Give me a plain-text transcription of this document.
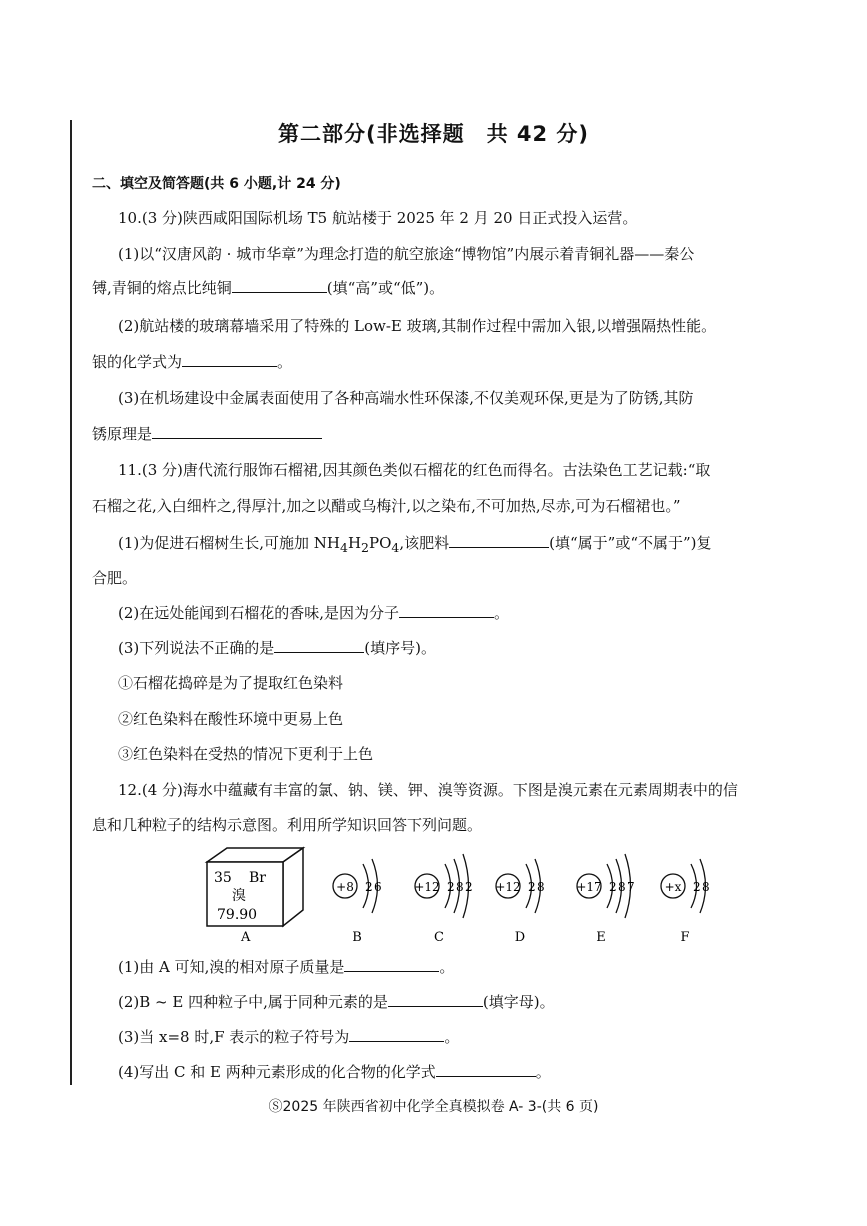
第二部分(非选择题 共 42 分)
二、填空及简答题(共 6 小题,计 24 分)
10.(3 分)陕西咸阳国际机场 T5 航站楼于 2025 年 2 月 20 日正式投入运营。
(1)以“汉唐风韵 · 城市华章”为理念打造的航空旅途“博物馆”内展示着青铜礼器——秦公
镈,青铜的熔点比纯铜	(填“高”或“低”)。
(2)航站楼的玻璃幕墙采用了特殊的 Low-E 玻璃,其制作过程中需加入银,以增强隔热性能。
银的化学式为	。
(3)在机场建设中金属表面使用了各种高端水性环保漆,不仅美观环保,更是为了防锈,其防
锈原理是
11.(3 分)唐代流行服饰石榴裙,因其颜色类似石榴花的红色而得名。古法染色工艺记载:“取
石榴之花,入白细杵之,得厚汁,加之以醋或乌梅汁,以之染布,不可加热,尽赤,可为石榴裙也。”
(1)为促进石榴树生长,可施加 $NH_4H_2PO_4$,该肥料	(填“属于”或“不属于”)复
合肥。
(2)在远处能闻到石榴花的香味,是因为分子	。
(3)下列说法不正确的是	(填序号)。
①石榴花捣碎是为了提取红色染料
②红色染料在酸性环境中更易上色
③红色染料在受热的情况下更利于上色
12.(4 分)海水中蕴藏有丰富的氯、钠、镁、钾、溴等资源。下图是溴元素在元素周期表中的信
息和几种粒子的结构示意图。利用所学知识回答下列问题。
35 Br
溴
79.90
A
+8 2 6
B
+12 2 8 2
C
+12 2 8
D
+17 2 8 7
E
+x 2 8
F
(1)由 A 可知,溴的相对原子质量是	。
(2)B ~ E 四种粒子中,属于同种元素的是	(填字母)。
(3)当 x=8 时,F 表示的粒子符号为	。
(4)写出 C 和 E 两种元素形成的化合物的化学式	。
Ⓢ2025 年陕西省初中化学全真模拟卷 A- 3-(共 6 页)
